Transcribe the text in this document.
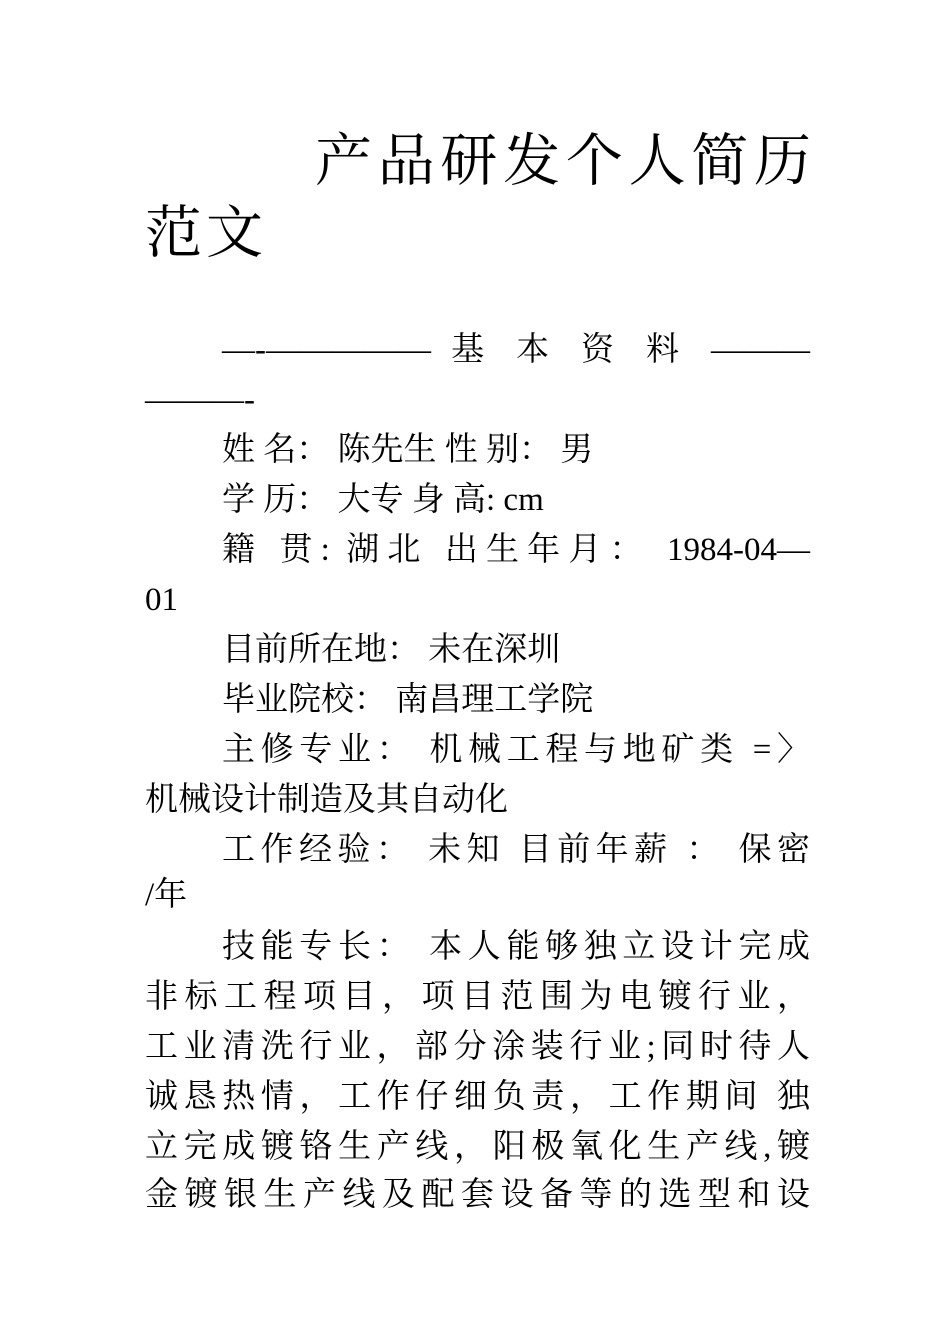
产品研发个人简历
范文
—-————— 基 本 资 料 ———
———-
姓 名： 陈先生 性 别： 男
学 历： 大专 身 高: cm
籍 贯: 湖北 出生年月： 1984-04—
01
目前所在地： 未在深圳
毕业院校： 南昌理工学院
主修专业： 机械工程与地矿类 =〉
机械设计制造及其自动化
工作经验： 未知 目前年薪 ： 保密
/年
技能专长： 本人能够独立设计完成
非标工程项目，项目范围为电镀行业，
工业清洗行业，部分涂装行业;同时待人
诚恳热情，工作仔细负责，工作期间 独
立完成镀铬生产线，阳极氧化生产线,镀
金镀银生产线及配套设备等的选型和设
